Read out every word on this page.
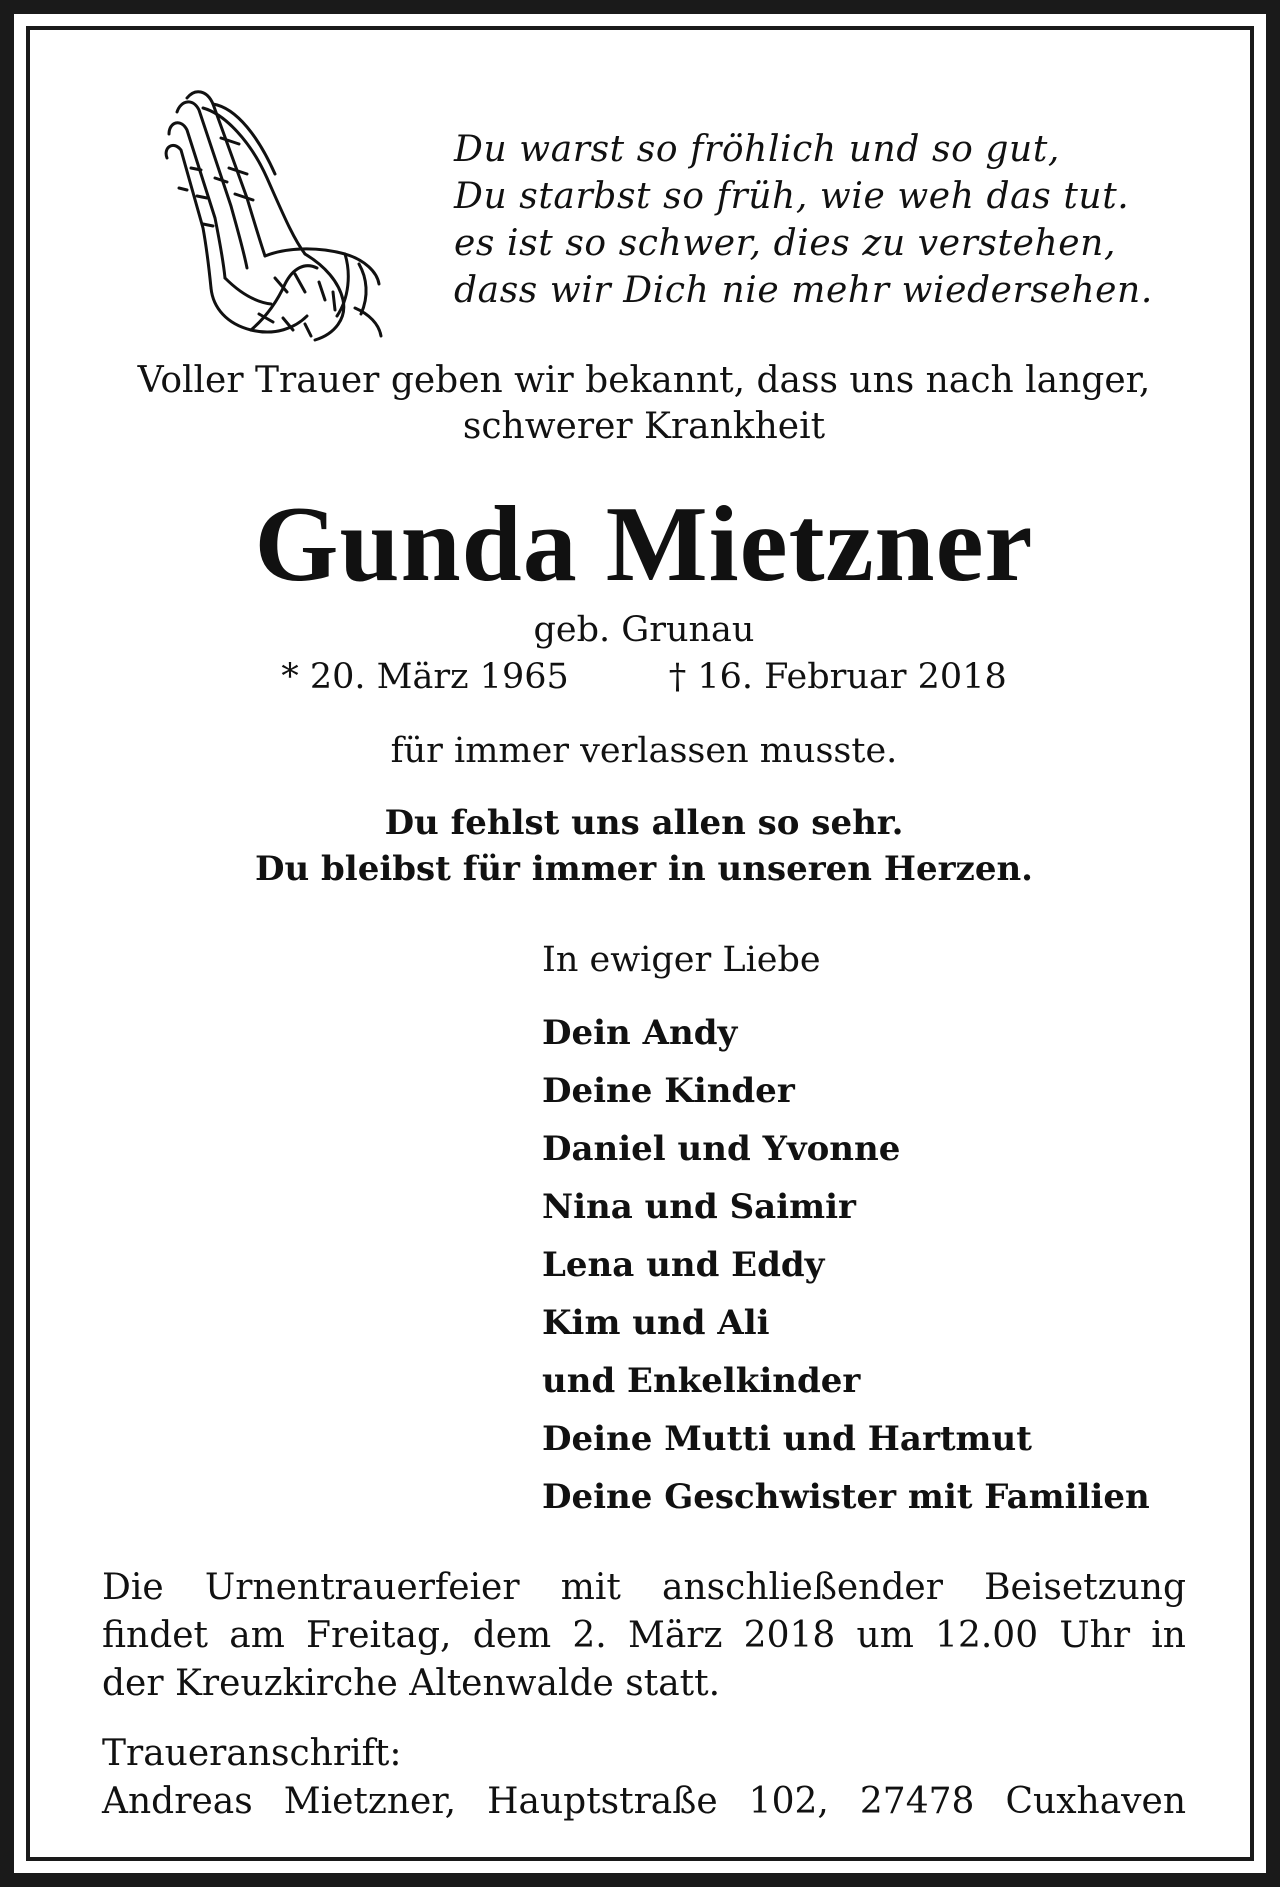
Du warst so fröhlich und so gut,
Du starbst so früh, wie weh das tut.
es ist so schwer, dies zu verstehen,
dass wir Dich nie mehr wiedersehen.
Voller Trauer geben wir bekannt, dass uns nach langer,
schwerer Krankheit
Gunda Mietzner
geb. Grunau
* 20. März 1965	† 16. Februar 2018
für immer verlassen musste.
Du fehlst uns allen so sehr.
Du bleibst für immer in unseren Herzen.
In ewiger Liebe
Dein Andy
Deine Kinder
Daniel und Yvonne
Nina und Saimir
Lena und Eddy
Kim und Ali
und Enkelkinder
Deine Mutti und Hartmut
Deine Geschwister mit Familien
Die Urnentrauerfeier mit anschließender Beisetzung
findet am Freitag, dem 2. März 2018 um 12.00 Uhr in
der Kreuzkirche Altenwalde statt.
Traueranschrift:
Andreas Mietzner, Hauptstraße 102, 27478 Cuxhaven
